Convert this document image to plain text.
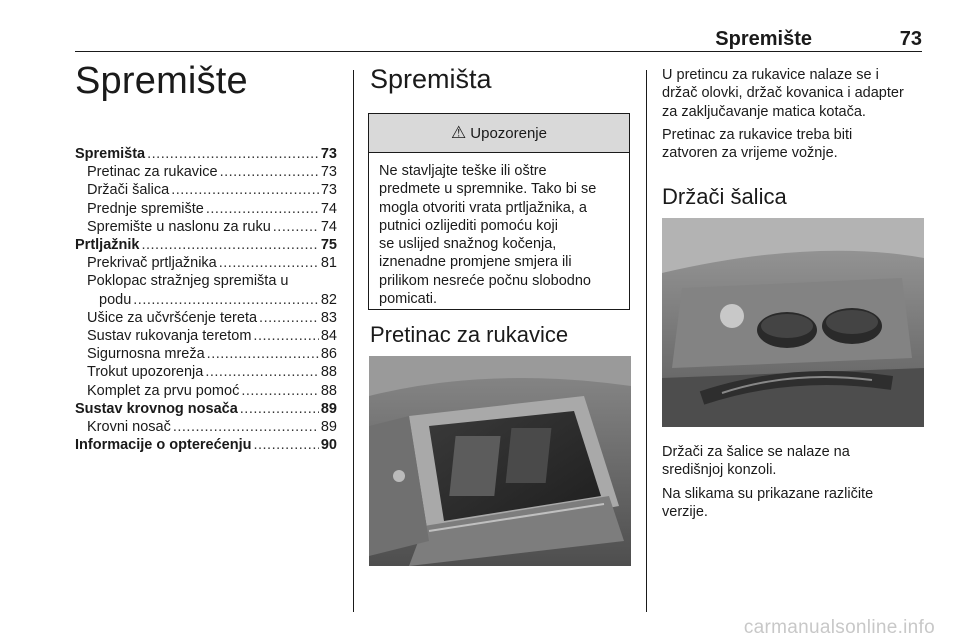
Spremište	73
Spremište
Spremišta .....	73
Pretinac za rukavice .....	73
Držači šalica .....	73
Prednje spremište .....	74
Spremište u naslonu za ruku .....	74
Prtljažnik .....	75
Prekrivač prtljažnika .....	81
Poklopac stražnjeg spremišta u
podu .....	82
Ušice za učvršćenje tereta .....	83
Sustav rukovanja teretom .....	84
Sigurnosna mreža .....	86
Trokut upozorenja .....	88
Komplet za prvu pomoć .....	88
Sustav krovnog nosača .....	89
Krovni nosač .....	89
Informacije o opterećenju .....	90
Spremišta
⚠ Upozorenje
Ne stavljajte teške ili oštre
predmete u spremnike. Tako bi se
mogla otvoriti vrata prtljažnika, a
putnici ozlijediti pomoću koji
se uslijed snažnog kočenja,
iznenadne promjene smjera ili
prilikom nesreće počnu slobodno
pomicati.
Pretinac za rukavice
U pretincu za rukavice nalaze se i
držač olovki, držač kovanica i adapter
za zaključavanje matica kotača.
Pretinac za rukavice treba biti
zatvoren za vrijeme vožnje.
Držači šalica
Držači za šalice se nalaze na
središnjoj konzoli.
Na slikama su prikazane različite
verzije.
carmanualsonline.info
